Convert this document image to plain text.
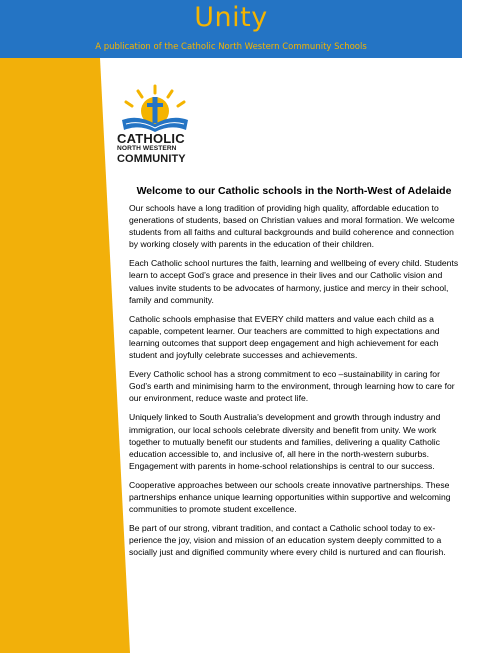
Unity
A publication of the Catholic North Western Community Schools
CATHOLIC
NORTH WESTERN
COMMUNITY
Welcome to our Catholic schools in the North-West of Adelaide

Our schools have a long tradition of providing high quality, affordable education to generations of students, based on Christian values and moral formation. We welcome students from all faiths and cultural backgrounds and build coherence and connection by working closely with parents in the education of their children.

Each Catholic school nurtures the faith, learning and wellbeing of every child. Students learn to accept God’s grace and presence in their lives and our Catholic vision and values invite students to be advocates of harmony, justice and mercy in their school, family and community.

Catholic schools emphasise that EVERY child matters and value each child as a capable, competent learner. Our teachers are committed to high expectations and learning outcomes that support deep engagement and high achievement for each student and joyfully celebrate successes and achievements.

Every Catholic school has a strong commitment to eco –sustainability in caring for God’s earth and minimising harm to the environment, through learning how to care for our environment, reduce waste and protect life.

Uniquely linked to South Australia’s development and growth through industry and immigration, our local schools celebrate diversity and benefit from unity. We work together to mutually benefit our students and families, delivering a quality Catholic education accessible to, and inclusive of, all here in the north-western suburbs. Engagement with parents in home-school relationships is central to our success.

Cooperative approaches between our schools create innovative partnerships. These partnerships enhance unique learning opportunities within supportive and welcoming communities to promote student excellence.

Be part of our strong, vibrant tradition, and contact a Catholic school today to ex-perience the joy, vision and mission of an education system deeply committed to a socially just and dignified community where every child is nurtured and can flourish.
